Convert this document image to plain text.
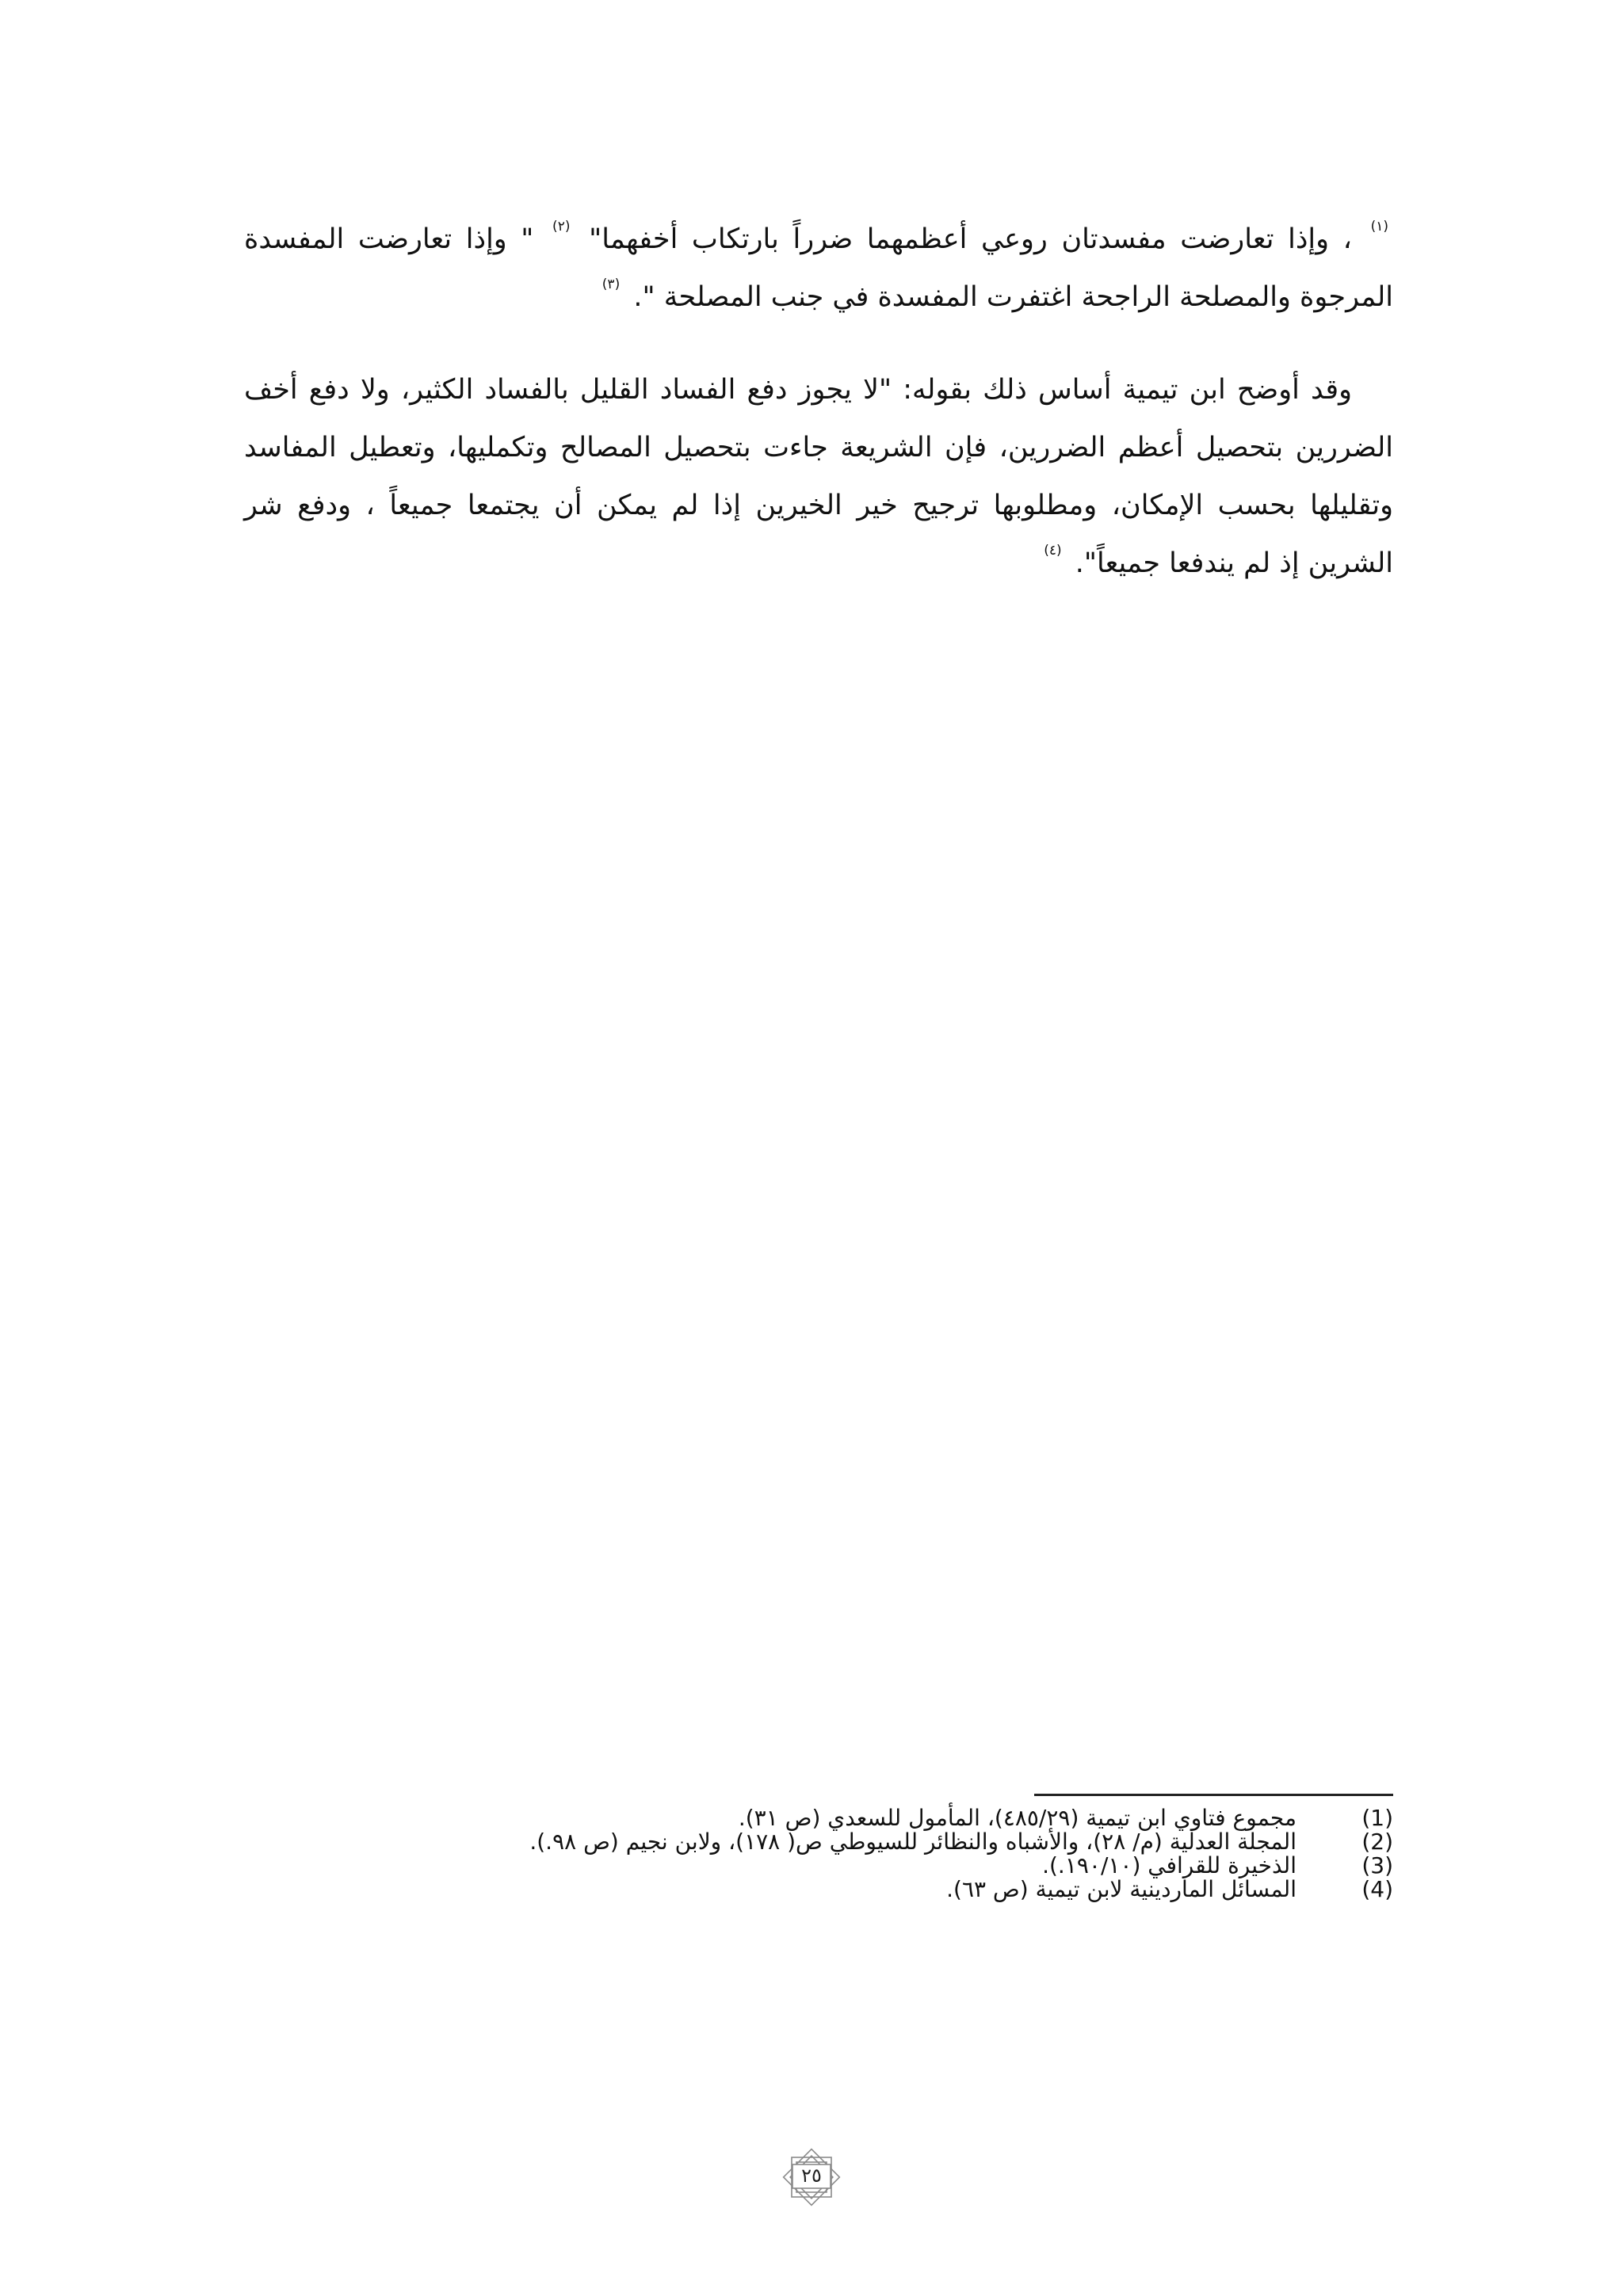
$^{(١)}$ ، وإذا تعارضت مفسدتان روعي أعظمهما ضرراً بارتكاب أخفهما" $^{(٢)}$ " وإذا تعارضت المفسدة المرجوة والمصلحة الراجحة اغتفرت المفسدة في جنب المصلحة ". $^{(٣)}$

وقد أوضح ابن تيمية أساس ذلك بقوله: "لا يجوز دفع الفساد القليل بالفساد الكثير، ولا دفع أخف الضررين بتحصيل أعظم الضررين، فإن الشريعة جاءت بتحصيل المصالح وتكمليها، وتعطيل المفاسد وتقليلها بحسب الإمكان، ومطلوبها ترجيح خير الخيرين إذا لم يمكن أن يجتمعا جميعاً ، ودفع شر الشرين إذ لم يندفعا جميعاً". $^{(٤)}$

(1)
مجموع فتاوي ابن تيمية (٤٨٥/٢٩)، المأمول للسعدي (ص ٣١).
(2)
المجلة العدلية (م/ ٢٨)، والأشباه والنظائر للسيوطي ص( ١٧٨)، ولابن نجيم (ص ٩٨.).
(3)
الذخيرة للقرافي (١٩٠/١٠.).
(4)
المسائل الماردينية لابن تيمية (ص ٦٣).
٢٥
